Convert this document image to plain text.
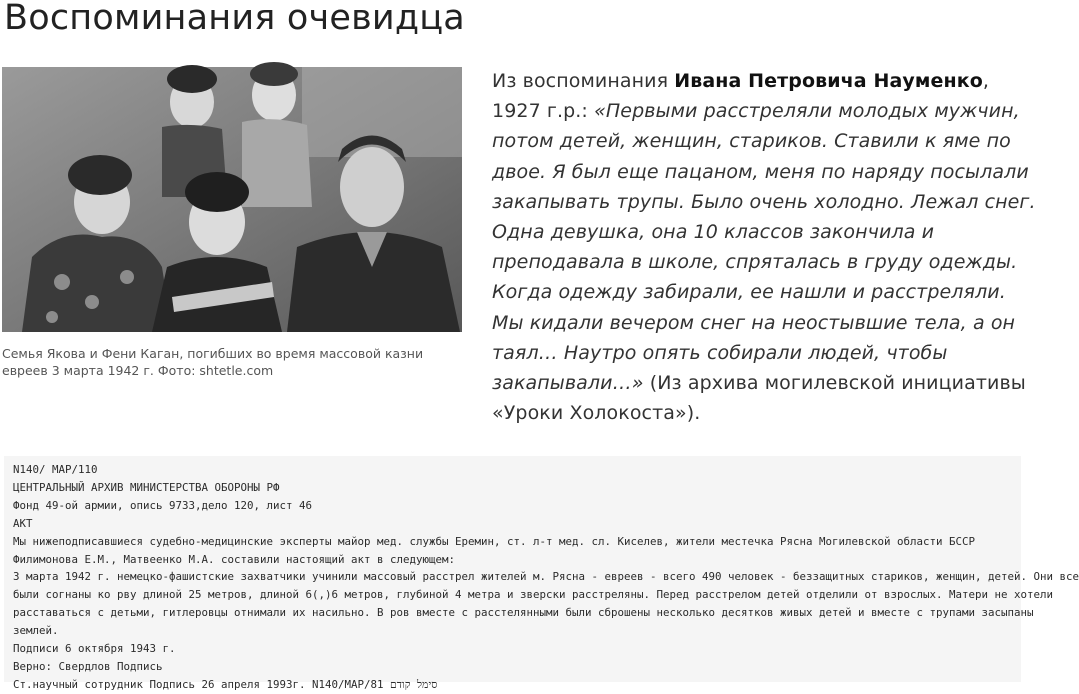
Воспоминания очевидца
Семья Якова и Фени Каган, погибших во время массовой казни евреев 3 марта 1942 г. Фото: shtetle.com
Из воспоминания Ивана Петровича Науменко, 1927 г.р.: «Первыми расстреляли молодых мужчин, потом детей, женщин, стариков. Ставили к яме по двое. Я был еще пацаном, меня по наряду посылали закапывать трупы. Было очень холодно. Лежал снег. Одна девушка, она 10 классов закончила и преподавала в школе, спряталась в груду одежды. Когда одежду забирали, ее нашли и расстреляли. Мы кидали вечером снег на неостывшие тела, а он таял… Наутро опять собирали людей, чтобы закапывали…» (Из архива могилевской инициативы «Уроки Холокоста»).
N140/ MAP/110
ЦЕНТРАЛЬНЫЙ АРХИВ МИНИСТЕРСТВА ОБОРОНЫ РФ
Фонд 49-ой армии, опись 9733,дело 120, лист 46
АКТ
Мы нижеподписавшиеся судебно-медицинские эксперты майор мед. службы Еремин, ст. л-т мед. сл. Киселев, жители местечка Рясна Могилевской области БССР
Филимонова Е.М., Матвеенко М.А. составили настоящий акт в следующем:
3 марта 1942 г. немецко-фашистские захватчики учинили массовый расстрел жителей м. Рясна - евреев - всего 490 человек - беззащитных стариков, женщин, детей. Они все
были согнаны ко рву длиной 25 метров, длиной 6(,)6 метров, глубиной 4 метра и зверски расстреляны. Перед расстрелом детей отделили от взрослых. Матери не хотели
расставаться с детьми, гитлеровцы отнимали их насильно. В ров вместе с расстелянными были сброшены несколько десятков живых детей и вместе с трупами засыпаны
землей.
Подписи 6 октября 1943 г.
Верно: Свердлов Подпись
Ст.научный сотрудник Подпись 26 апреля 1993г. N140/МАР/81 סימל קודם
